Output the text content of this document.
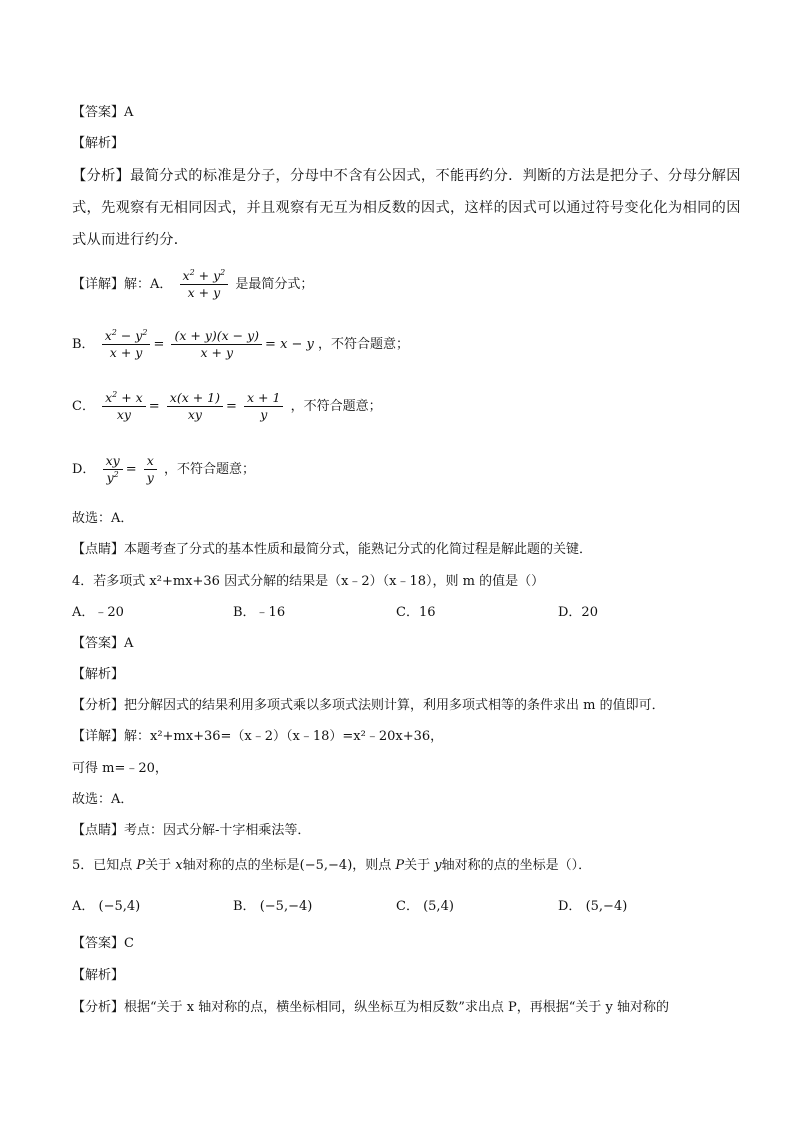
【答案】A
【解析】
【分析】最简分式的标准是分子，分母中不含有公因式，不能再约分．判断的方法是把分子、分母分解因
式，先观察有无相同因式，并且观察有无互为相反数的因式，这样的因式可以通过符号变化化为相同的因
式从而进行约分．
【详解】解：A． $\frac{x^2 + y^2}{x + y}$ 是最简分式；
B． $\frac{x^2 - y^2}{x + y} = \frac{(x + y)(x - y)}{x + y} = x - y$ ，不符合题意；
C． $\frac{x^2 + x}{xy} = \frac{x(x + 1)}{xy} = \frac{x + 1}{y}$ ，不符合题意；
D． $\frac{xy}{y^2} = \frac{x}{y}$ ，不符合题意；
故选：A．
【点睛】本题考查了分式的基本性质和最简分式，能熟记分式的化简过程是解此题的关键．
4．若多项式 x²+mx+36 因式分解的结果是（x﹣2）（x﹣18），则 m 的值是（）
A．﹣20	B．﹣16	C．16	D．20
【答案】A
【解析】
【分析】把分解因式的结果利用多项式乘以多项式法则计算，利用多项式相等的条件求出 m 的值即可．
【详解】解：x²+mx+36=（x﹣2）（x﹣18）=x²﹣20x+36，
可得 m=﹣20，
故选：A．
【点睛】考点：因式分解-十字相乘法等．
5．已知点 P关于 x轴对称的点的坐标是(−5,−4)，则点 P关于 y轴对称的点的坐标是（）．
A． (−5,4)	B． (−5,−4)	C． (5,4)	D． (5,−4)
【答案】C
【解析】
【分析】根据“关于 x 轴对称的点，横坐标相同，纵坐标互为相反数”求出点 P，再根据“关于 y 轴对称的
